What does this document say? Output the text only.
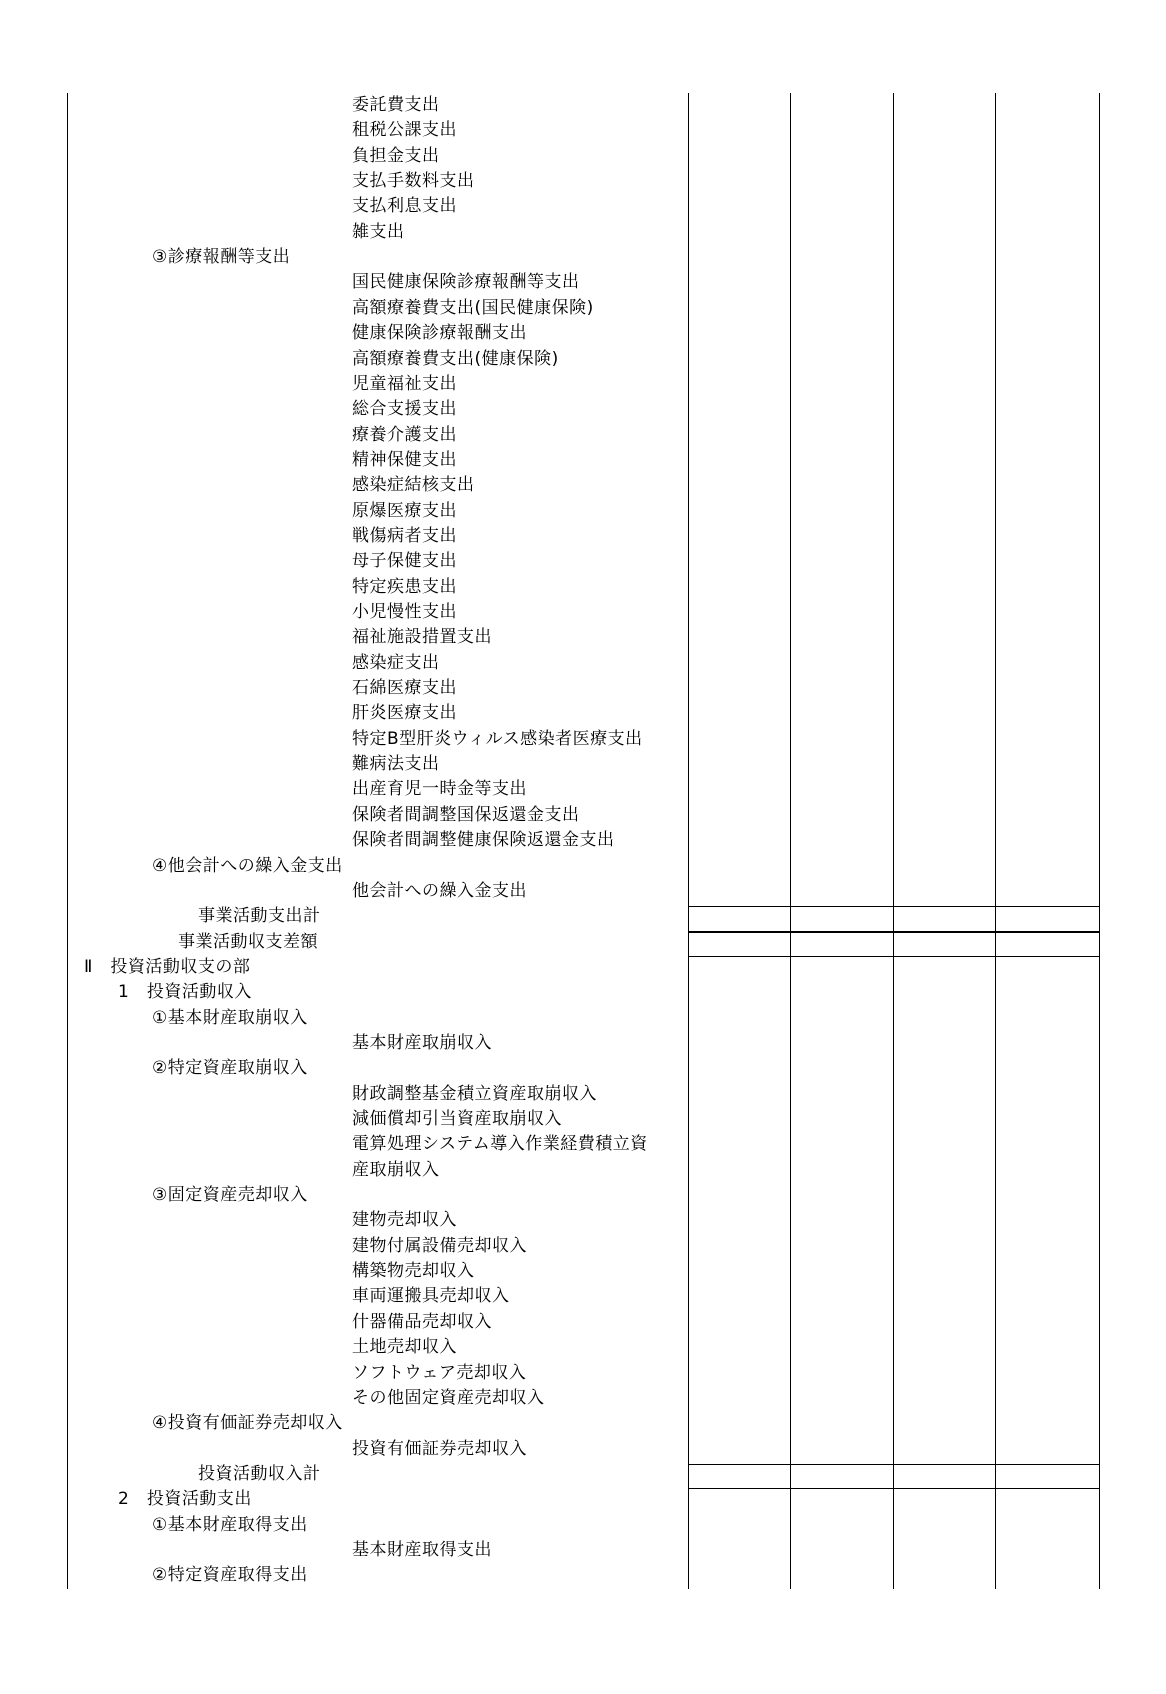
委託費支出
租税公課支出
負担金支出
支払手数料支出
支払利息支出
雑支出
③診療報酬等支出
国民健康保険診療報酬等支出
高額療養費支出(国民健康保険)
健康保険診療報酬支出
高額療養費支出(健康保険)
児童福祉支出
総合支援支出
療養介護支出
精神保健支出
感染症結核支出
原爆医療支出
戦傷病者支出
母子保健支出
特定疾患支出
小児慢性支出
福祉施設措置支出
感染症支出
石綿医療支出
肝炎医療支出
特定B型肝炎ウィルス感染者医療支出
難病法支出
出産育児一時金等支出
保険者間調整国保返還金支出
保険者間調整健康保険返還金支出
④他会計への繰入金支出
他会計への繰入金支出
事業活動支出計
事業活動収支差額
Ⅱ　投資活動収支の部
1　投資活動収入
①基本財産取崩収入
基本財産取崩収入
②特定資産取崩収入
財政調整基金積立資産取崩収入
減価償却引当資産取崩収入
電算処理システム導入作業経費積立資
産取崩収入
③固定資産売却収入
建物売却収入
建物付属設備売却収入
構築物売却収入
車両運搬具売却収入
什器備品売却収入
土地売却収入
ソフトウェア売却収入
その他固定資産売却収入
④投資有価証券売却収入
投資有価証券売却収入
投資活動収入計
2　投資活動支出
①基本財産取得支出
基本財産取得支出
②特定資産取得支出
